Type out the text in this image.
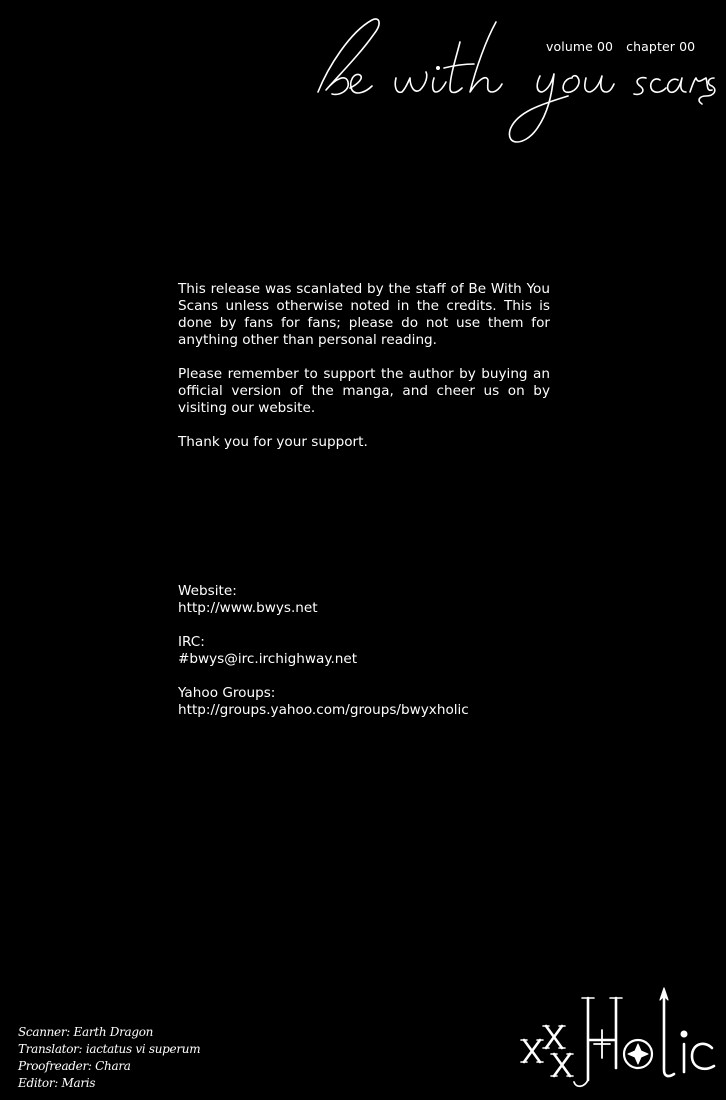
volume 00 chapter 00

This release was scanlated by the staff of Be With You Scans unless otherwise noted in the credits. This is done by fans for fans; please do not use them for anything other than personal reading.

Please remember to support the author by buying an official version of the manga, and cheer us on by visiting our website.

Thank you for your support.

Website:
http://www.bwys.net
IRC:
#bwys@irc.irchighway.net
Yahoo Groups:
http://groups.yahoo.com/groups/bwyxholic
Scanner: Earth Dragon
Translator: iactatus vi superum
Proofreader: Chara
Editor: Maris
